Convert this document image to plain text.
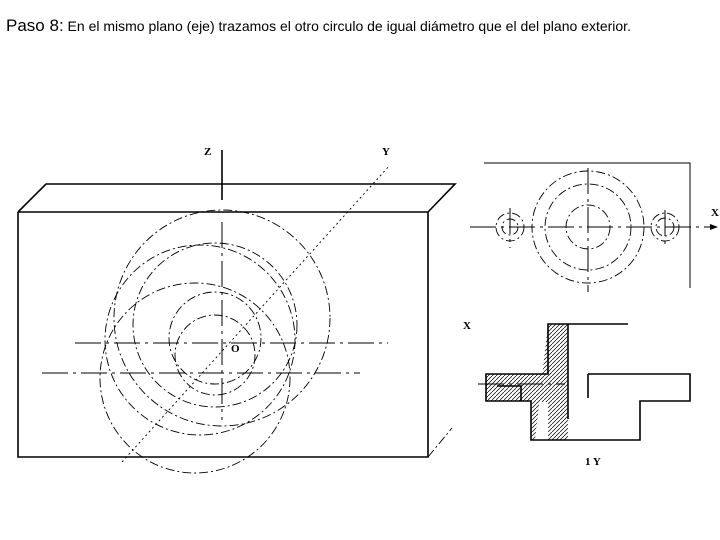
Paso 8: En el mismo plano (eje) trazamos el otro circulo de igual diámetro que el del plano exterior.
Z	Y
O
X
X
1 Y
